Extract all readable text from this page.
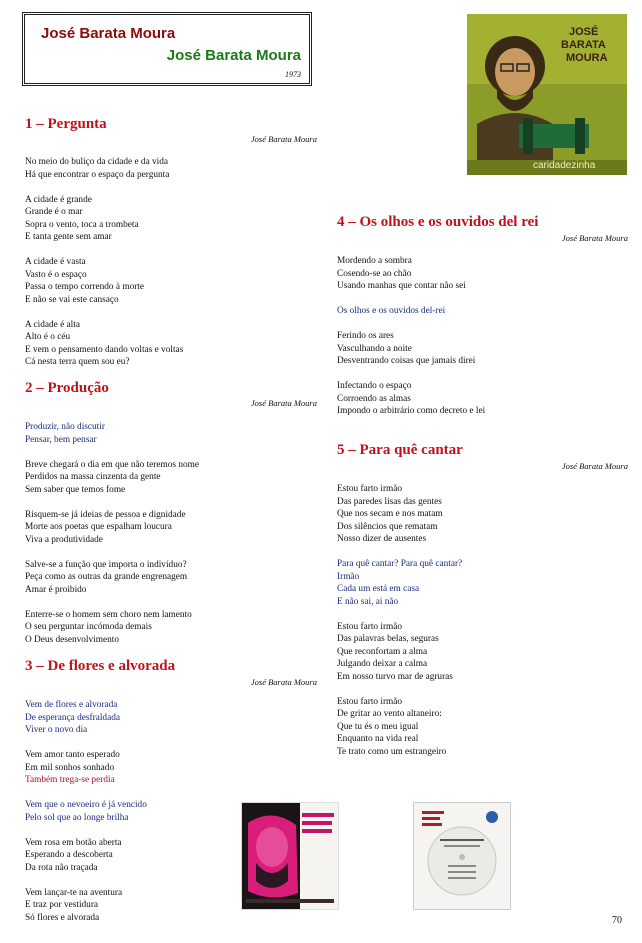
José Barata Moura
José Barata Moura
1973
JOSÉ
BARATA
MOURA
caridadezinha
1 – Pergunta
José Barata Moura
No meio do buliço da cidade e da vida
Há que encontrar o espaço da pergunta

A cidade é grande
Grande é o mar
Sopra o vento, toca a trombeta
E tanta gente sem amar

A cidade é vasta
Vasto é o espaço
Passa o tempo correndo à morte
E não se vai este cansaço

A cidade é alta
Alto é o céu
E vem o pensamento dando voltas e voltas
Cá nesta terra quem sou eu?
2 – Produção
José Barata Moura
Produzir, não discutir
Pensar, bem pensar

Breve chegará o dia em que não teremos nome
Perdidos na massa cinzenta da gente
Sem saber que temos fome

Risquem-se já ideias de pessoa e dignidade
Morte aos poetas que espalham loucura
Viva a produtividade

Salve-se a função que importa o indivíduo?
Peça como as outras da grande engrenagem
Amar é proibido

Enterre-se o homem sem choro nem lamento
O seu perguntar incómoda demais
O Deus desenvolvimento
3 – De flores e alvorada
José Barata Moura
Vem de flores e alvorada
De esperança desfraldada
Viver o novo dia

Vem amor tanto esperado
Em mil sonhos sonhado
Também trega-se perdia

Vem que o nevoeiro é já vencido
Pelo sol que ao longe brilha

Vem rosa em botão aberta
Esperando a descoberta
Da rota não traçada

Vem lançar-te na aventura
E traz por vestidura
Só flores e alvorada
4 – Os olhos e os ouvidos del rei
José Barata Moura
Mordendo a sombra
Cosendo-se ao chão
Usando manhas que contar não sei

Os olhos e os ouvidos del-rei

Ferindo os ares
Vasculhando a noite
Desventrando coisas que jamais direi

Infectando o espaço
Corroendo as almas
Impondo o arbitrário como decreto e lei
5 – Para quê cantar
José Barata Moura
Estou farto irmão
Das paredes lisas das gentes
Que nos secam e nos matam
Dos silêncios que rematam
Nosso dizer de ausentes

Para quê cantar? Para quê cantar?
Irmão
Cada um está em casa
E não sai, ai não

Estou farto irmão
Das palavras belas, seguras
Que reconfortam a alma
Julgando deixar a calma
Em nosso turvo mar de agruras

Estou farto irmão
De gritar ao vento altaneiro:
Que tu és o meu igual
Enquanto na vida real
Te trato como um estrangeiro
70
